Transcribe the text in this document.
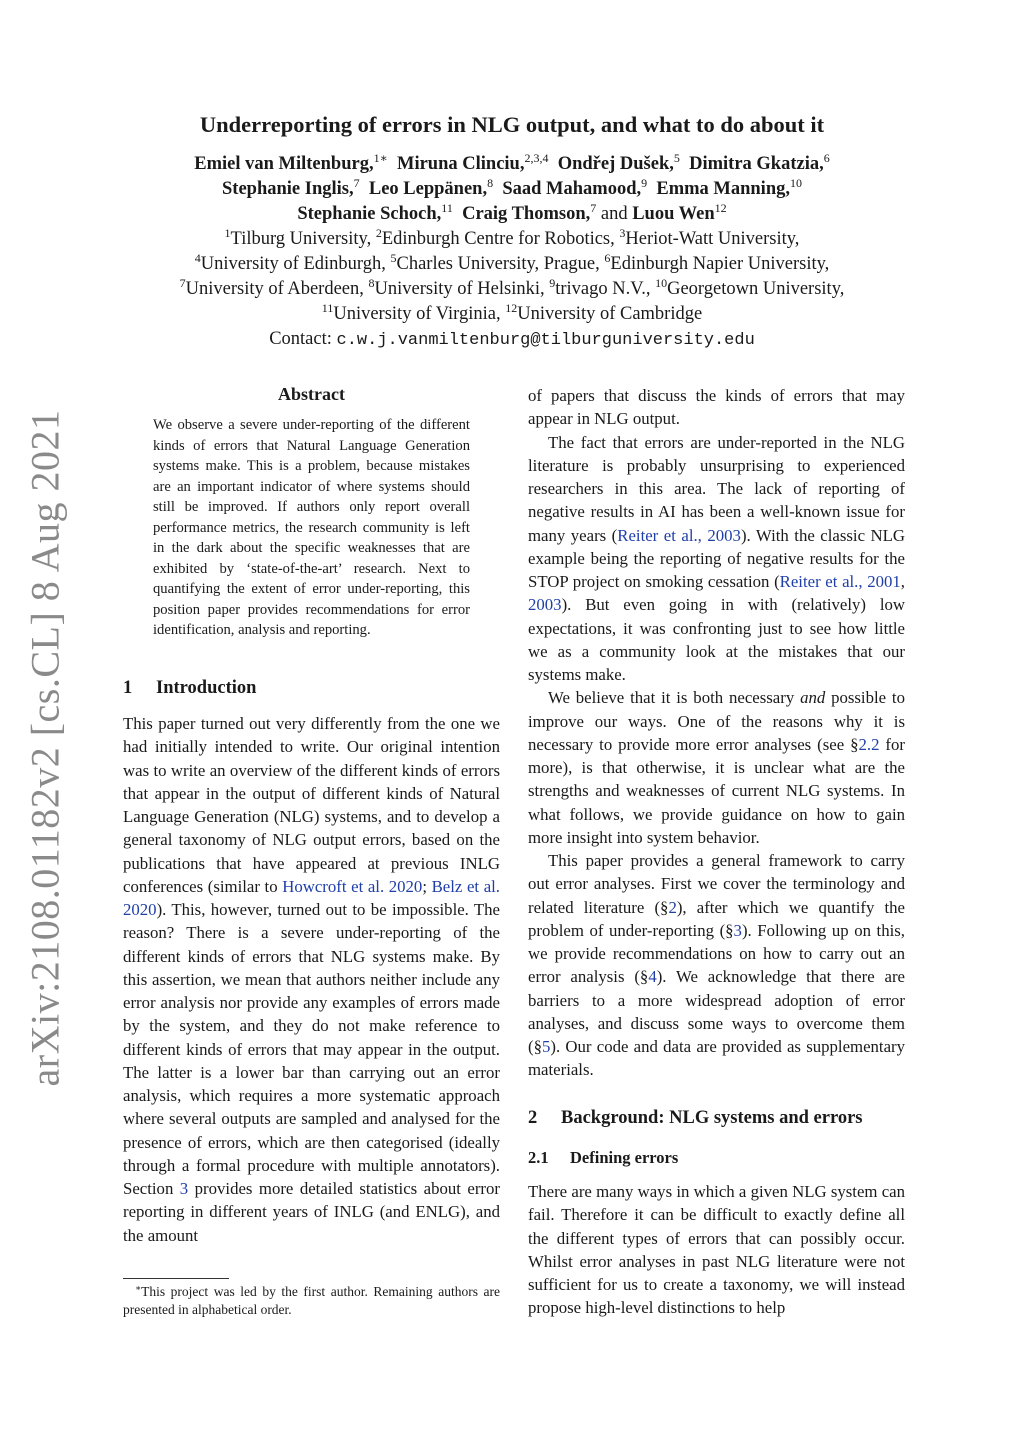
arXiv:2108.01182v2 [cs.CL] 8 Aug 2021
Underreporting of errors in NLG output, and what to do about it
Emiel van Miltenburg,$^{1∗}$ Miruna Clinciu,$^{2,3,4}$ Ondřej Dušek,$^5$ Dimitra Gkatzia,$^6$
Stephanie Inglis,$^7$ Leo Leppänen,$^8$ Saad Mahamood,$^9$ Emma Manning,$^{10}$
Stephanie Schoch,$^{11}$ Craig Thomson,$^7$ and Luou Wen$^{12}$
$^1$Tilburg University, $^2$Edinburgh Centre for Robotics, $^3$Heriot-Watt University,
$^4$University of Edinburgh, $^5$Charles University, Prague, $^6$Edinburgh Napier University,
$^7$University of Aberdeen, $^8$University of Helsinki, $^9$trivago N.V., $^{10}$Georgetown University,
$^{11}$University of Virginia, $^{12}$University of Cambridge
Contact: c.w.j.vanmiltenburg@tilburguniversity.edu
Abstract
We observe a severe under-reporting of the different kinds of errors that Natural Language Generation systems make. This is a problem, because mistakes are an important indicator of where systems should still be improved. If authors only report overall performance metrics, the research community is left in the dark about the specific weaknesses that are exhibited by ‘state-of-the-art’ research. Next to quantifying the extent of error under-reporting, this position paper provides recommendations for error identification, analysis and reporting.
1 Introduction

This paper turned out very differently from the one we had initially intended to write. Our original intention was to write an overview of the different kinds of errors that appear in the output of different kinds of Natural Language Generation (NLG) systems, and to develop a general taxonomy of NLG output errors, based on the publications that have appeared at previous INLG conferences (similar to Howcroft et al. 2020; Belz et al. 2020). This, however, turned out to be impossible. The reason? There is a severe under-reporting of the different kinds of errors that NLG systems make. By this assertion, we mean that authors neither include any error analysis nor provide any examples of errors made by the system, and they do not make reference to different kinds of errors that may appear in the output. The latter is a lower bar than carrying out an error analysis, which requires a more systematic approach where several outputs are sampled and analysed for the presence of errors, which are then categorised (ideally through a formal procedure with multiple annotators). Section 3 provides more detailed statistics about error reporting in different years of INLG (and ENLG), and the amount

∗This project was led by the first author. Remaining authors are presented in alphabetical order.

of papers that discuss the kinds of errors that may appear in NLG output.

The fact that errors are under-reported in the NLG literature is probably unsurprising to experienced researchers in this area. The lack of reporting of negative results in AI has been a well-known issue for many years (Reiter et al., 2003). With the classic NLG example being the reporting of negative results for the STOP project on smoking cessation (Reiter et al., 2001, 2003). But even going in with (relatively) low expectations, it was confronting just to see how little we as a community look at the mistakes that our systems make.

We believe that it is both necessary and possible to improve our ways. One of the reasons why it is necessary to provide more error analyses (see §2.2 for more), is that otherwise, it is unclear what are the strengths and weaknesses of current NLG systems. In what follows, we provide guidance on how to gain more insight into system behavior.

This paper provides a general framework to carry out error analyses. First we cover the terminology and related literature (§2), after which we quantify the problem of under-reporting (§3). Following up on this, we provide recommendations on how to carry out an error analysis (§4). We acknowledge that there are barriers to a more widespread adoption of error analyses, and discuss some ways to overcome them (§5). Our code and data are provided as supplementary materials.

2 Background: NLG systems and errors
2.1 Defining errors
There are many ways in which a given NLG system can fail. Therefore it can be difficult to exactly define all the different types of errors that can possibly occur. Whilst error analyses in past NLG literature were not sufficient for us to create a taxonomy, we will instead propose high-level distinctions to help
